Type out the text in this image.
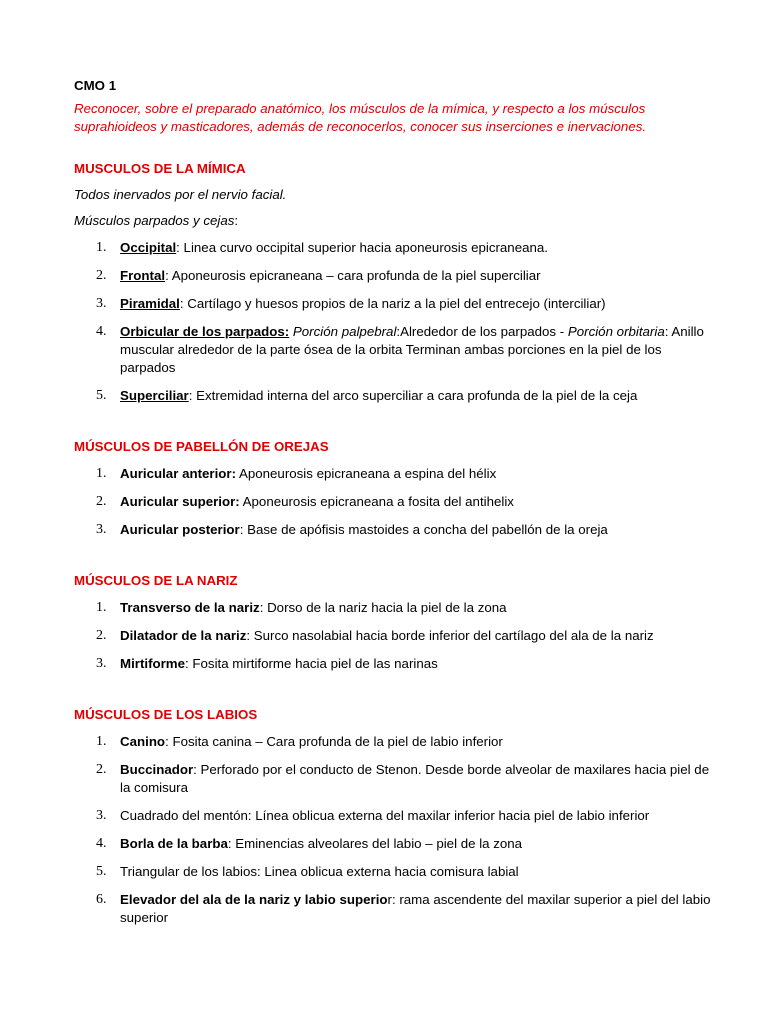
CMO 1

Reconocer, sobre el preparado anatómico, los músculos de la mímica, y respecto a los músculos suprahioideos y masticadores, además de reconocerlos, conocer sus inserciones e inervaciones.

MUSCULOS DE LA MÍMICA

Todos inervados por el nervio facial.

Músculos parpados y cejas:

1. Occipital: Linea curvo occipital superior hacia aponeurosis epicraneana.
2. Frontal: Aponeurosis epicraneana – cara profunda de la piel superciliar
3. Piramidal: Cartílago y huesos propios de la nariz a la piel del entrecejo (interciliar)
4. Orbicular de los parpados: Porción palpebral:Alrededor de los parpados - Porción orbitaria: Anillo muscular alrededor de la parte ósea de la orbita Terminan ambas porciones en la piel de los parpados
5. Superciliar: Extremidad interna del arco superciliar a cara profunda de la piel de la ceja
MÚSCULOS DE PABELLÓN DE OREJAS
1. Auricular anterior: Aponeurosis epicraneana a espina del hélix
2. Auricular superior: Aponeurosis epicraneana a fosita del antihelix
3. Auricular posterior: Base de apófisis mastoides a concha del pabellón de la oreja
MÚSCULOS DE LA NARIZ
1. Transverso de la nariz: Dorso de la nariz hacia la piel de la zona
2. Dilatador de la nariz: Surco nasolabial hacia borde inferior del cartílago del ala de la nariz
3. Mirtiforme: Fosita mirtiforme hacia piel de las narinas
MÚSCULOS DE LOS LABIOS
1. Canino: Fosita canina – Cara profunda de la piel de labio inferior
2. Buccinador: Perforado por el conducto de Stenon. Desde borde alveolar de maxilares hacia piel de la comisura
3. Cuadrado del mentón: Línea oblicua externa del maxilar inferior hacia piel de labio inferior
4. Borla de la barba: Eminencias alveolares del labio – piel de la zona
5. Triangular de los labios: Linea oblicua externa hacia comisura labial
6. Elevador del ala de la nariz y labio superior: rama ascendente del maxilar superior a piel del labio superior
